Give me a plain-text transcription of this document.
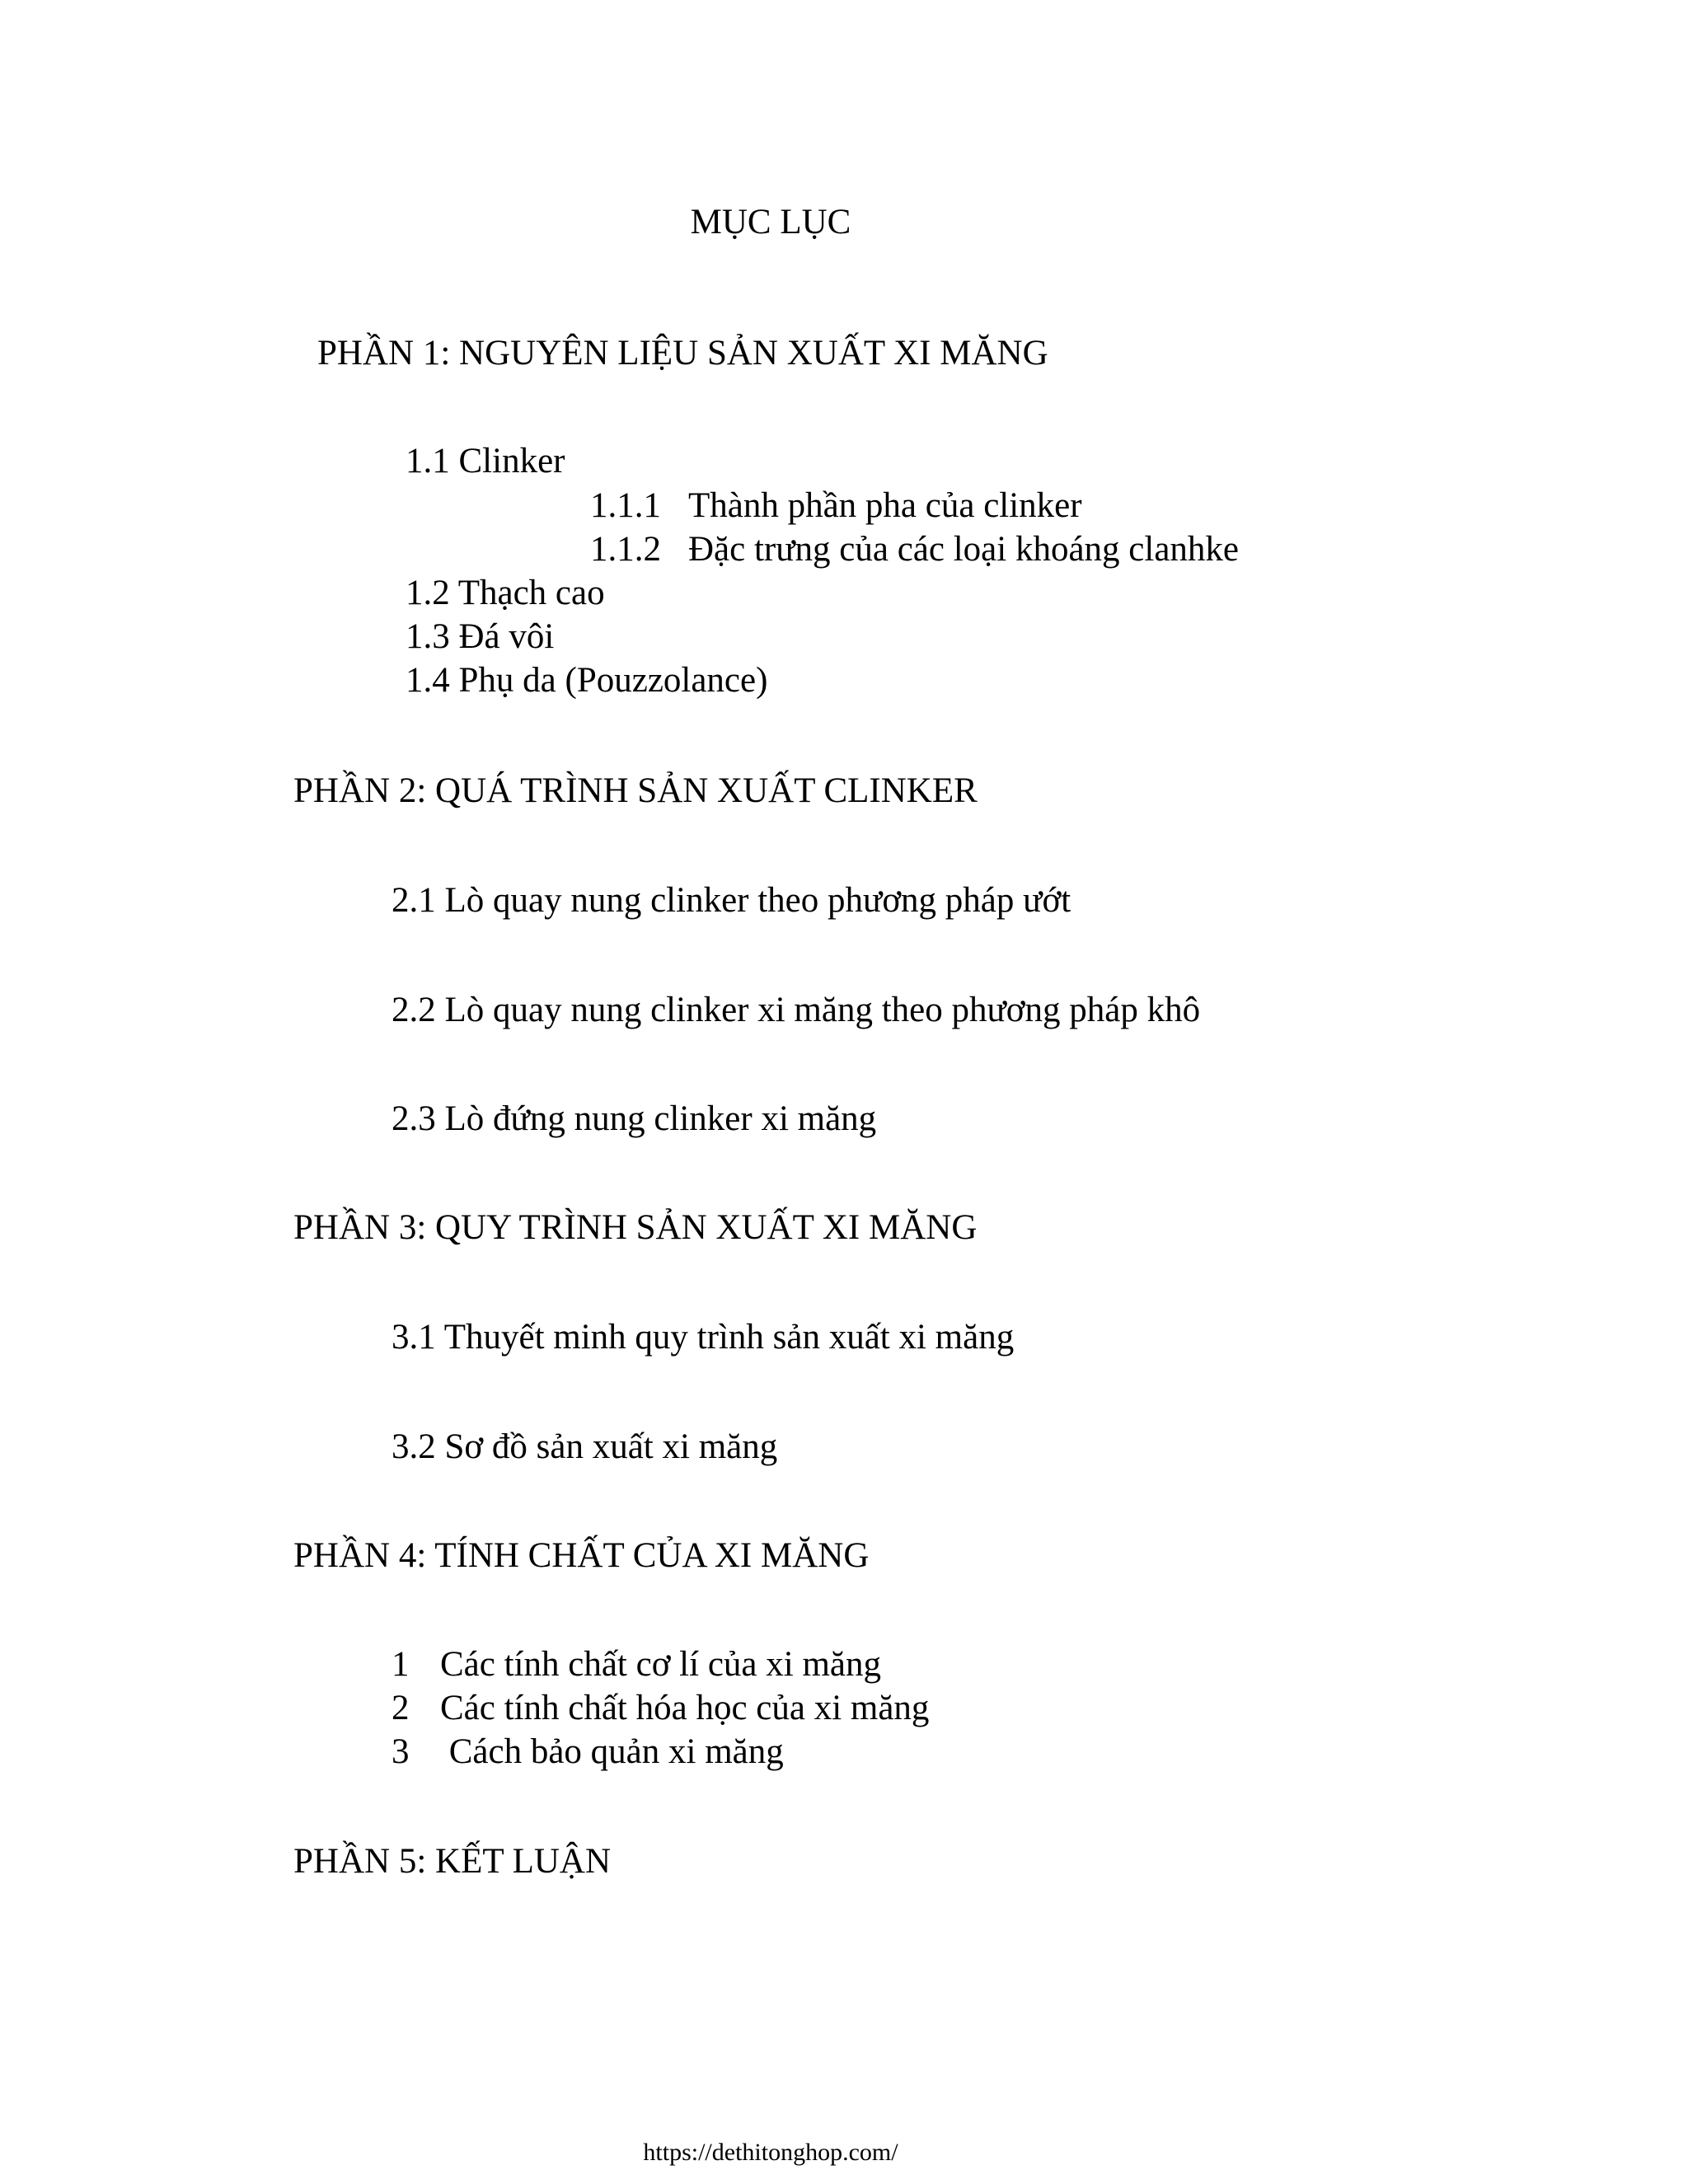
MỤC LỤC
PHẦN 1: NGUYÊN LIỆU SẢN XUẤT XI MĂNG
1.1 Clinker
1.1.1 Thành phần pha của clinker
1.1.2 Đặc trưng của các loại khoáng clanhke
1.2 Thạch cao
1.3 Đá vôi
1.4 Phụ da (Pouzzolance)
PHẦN 2: QUÁ TRÌNH SẢN XUẤT CLINKER
2.1 Lò quay nung clinker theo phương pháp ướt
2.2 Lò quay nung clinker xi măng theo phương pháp khô
2.3 Lò đứng nung clinker xi măng
PHẦN 3: QUY TRÌNH SẢN XUẤT XI MĂNG
3.1 Thuyết minh quy trình sản xuất xi măng
3.2 Sơ đồ sản xuất xi măng
PHẦN 4: TÍNH CHẤT CỦA XI MĂNG
1 Các tính chất cơ lí của xi măng
2 Các tính chất hóa học của xi măng
3 Cách bảo quản xi măng
PHẦN 5: KẾT LUẬN
https://dethitonghop.com/
